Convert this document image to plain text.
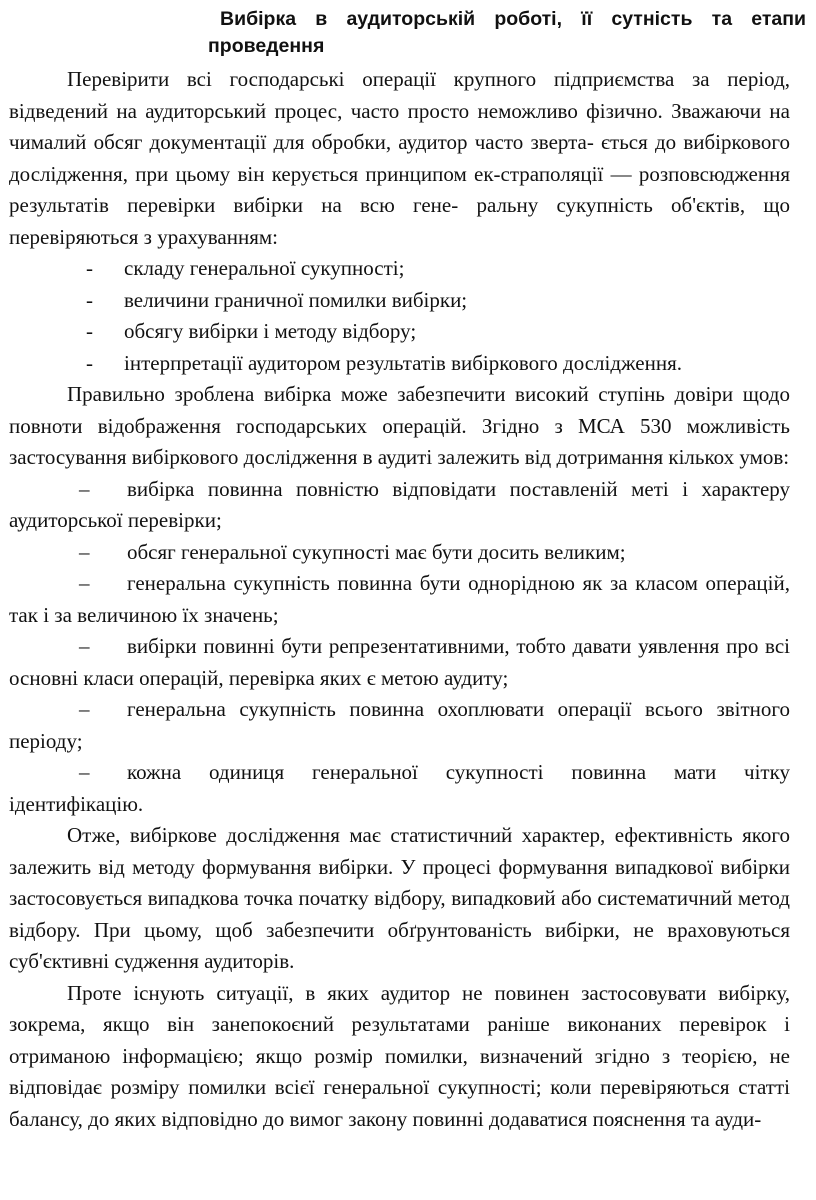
Вибірка в аудиторській роботі, її сутність та етапи
проведення

Перевірити всі господарські операції крупного підприємства за період, відведений на аудиторський процес, часто просто неможливо фізично. Зважаючи на чималий обсяг документації для обробки, аудитор часто зверта- ється до вибіркового дослідження, при цьому він керується принципом ек-страполяції — розповсюдження результатів перевірки вибірки на всю гене- ральну сукупність об'єктів, що перевіряються з урахуванням:

- складу генеральної сукупності;

- величини граничної помилки вибірки;

- обсягу вибірки і методу відбору;

- інтерпретації аудитором результатів вибіркового дослідження.

Правильно зроблена вибірка може забезпечити високий ступінь довіри щодо повноти відображення господарських операцій. Згідно з МСА 530 можливість застосування вибіркового дослідження в аудиті залежить від дотримання кількох умов:

– вибірка повинна повністю відповідати поставленій меті і характеру аудиторської перевірки;

– обсяг генеральної сукупності має бути досить великим;

– генеральна сукупність повинна бути однорідною як за класом операцій, так і за величиною їх значень;

– вибірки повинні бути репрезентативними, тобто давати уявлення про всі основні класи операцій, перевірка яких є метою аудиту;

– генеральна сукупність повинна охоплювати операції всього звітного періоду;

– кожна одиниця генеральної сукупності повинна мати чітку ідентифікацію.

Отже, вибіркове дослідження має статистичний характер, ефективність якого залежить від методу формування вибірки. У процесі формування випадкової вибірки застосовується випадкова точка початку відбору, випадковий або систематичний метод відбору. При цьому, щоб забезпечити обґрунтованість вибірки, не враховуються суб'єктивні судження аудиторів.

Проте існують ситуації, в яких аудитор не повинен застосовувати вибірку, зокрема, якщо він занепокоєний результатами раніше виконаних перевірок і отриманою інформацією; якщо розмір помилки, визначений згідно з теорією, не відповідає розміру помилки всієї генеральної сукупності; коли перевіряються статті балансу, до яких відповідно до вимог закону повинні додаватися пояснення та ауди-
